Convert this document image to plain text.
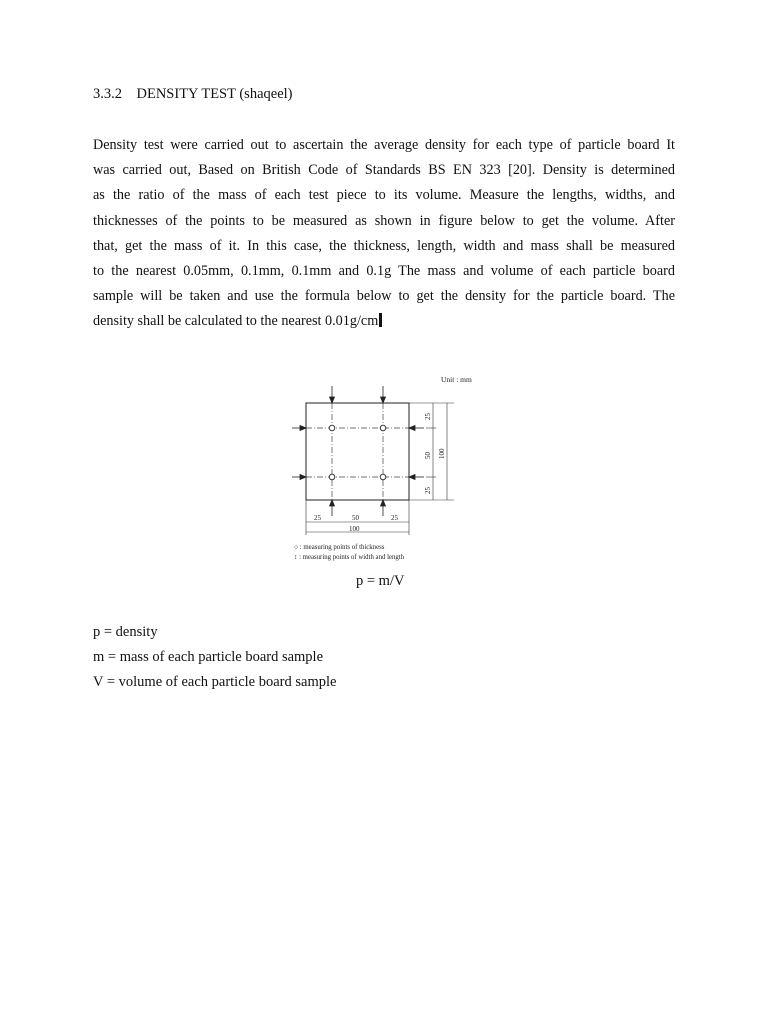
3.3.2 DENSITY TEST (shaqeel)
Density test were carried out to ascertain the average density for each type of particle board It
was carried out, Based on British Code of Standards BS EN 323 [20]. Density is determined
as the ratio of the mass of each test piece to its volume. Measure the lengths, widths, and
thicknesses of the points to be measured as shown in figure below to get the volume. After
that, get the mass of it. In this case, the thickness, length, width and mass shall be measured
to the nearest 0.05mm, 0.1mm, 0.1mm and 0.1g The mass and volume of each particle board
sample will be taken and use the formula below to get the density for the particle board. The
density shall be calculated to the nearest 0.01g/cm
Unit : mm
25
50
25
100
25	50	25
100
○ : measuring points of thickness
↕ : measuring points of width and length
p = m/V
p = density
m = mass of each particle board sample
V = volume of each particle board sample
